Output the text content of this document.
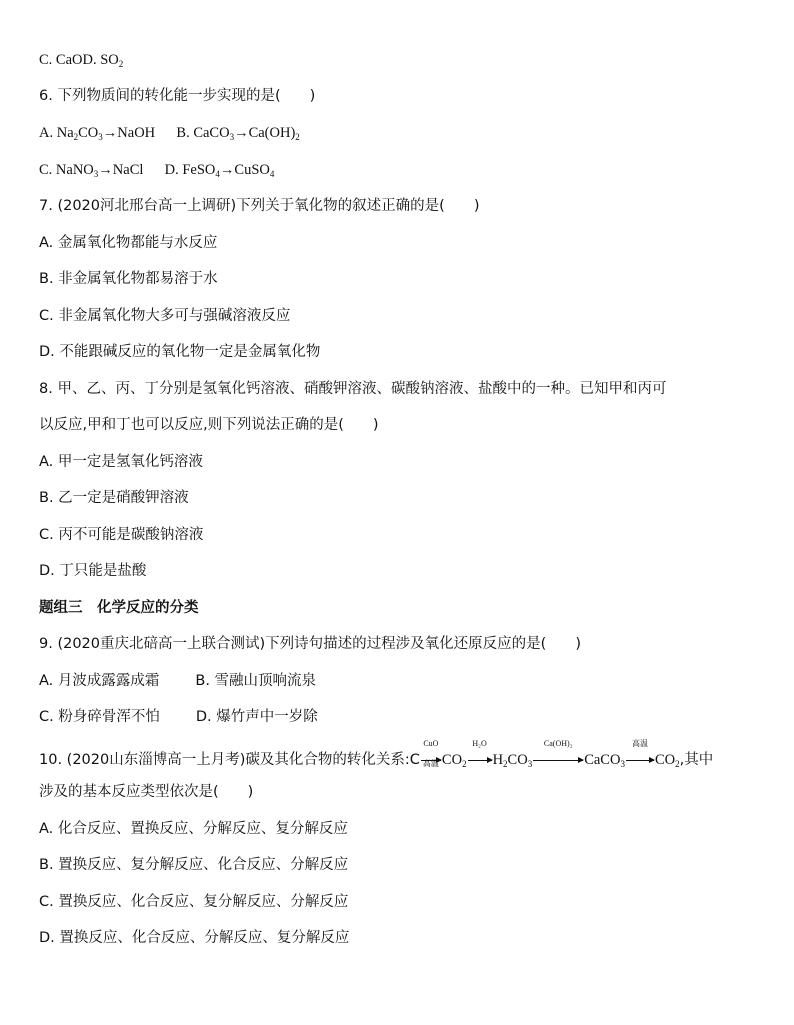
C. CaOD. $SO_2$
6. 下列物质间的转化能一步实现的是(　　)
A. $Na_2CO_3\to NaOH$ B. $CaCO_3\to Ca(OH)_2$
C. NaNO$_3$→NaCl D. FeSO$_4$→CuSO$_4$
7. (2020河北邢台高一上调研)下列关于氧化物的叙述正确的是(　　)
A. 金属氧化物都能与水反应
B. 非金属氧化物都易溶于水
C. 非金属氧化物大多可与强碱溶液反应
D. 不能跟碱反应的氧化物一定是金属氧化物
8. 甲、乙、丙、丁分别是氢氧化钙溶液、硝酸钾溶液、碳酸钠溶液、盐酸中的一种。已知甲和丙可
以反应,甲和丁也可以反应,则下列说法正确的是(　　)
A. 甲一定是氢氧化钙溶液
B. 乙一定是硝酸钾溶液
C. 丙不可能是碳酸钠溶液
D. 丁只能是盐酸
题组三　化学反应的分类
9. (2020重庆北碚高一上联合测试)下列诗句描述的过程涉及氧化还原反应的是(　　)
A. 月波成露露成霜 B. 雪融山顶响流泉
C. 粉身碎骨浑不怕 D. 爆竹声中一岁除
10. (2020山东淄博高一上月考)碳及其化合物的转化关系:C
CuO
高温 $CO_2$
H₂O
$H_2CO_3$
Ca(OH)₂
CaCO$_3$
高温
$CO_2$,其中
涉及的基本反应类型依次是(　　)
A. 化合反应、置换反应、分解反应、复分解反应
B. 置换反应、复分解反应、化合反应、分解反应
C. 置换反应、化合反应、复分解反应、分解反应
D. 置换反应、化合反应、分解反应、复分解反应
